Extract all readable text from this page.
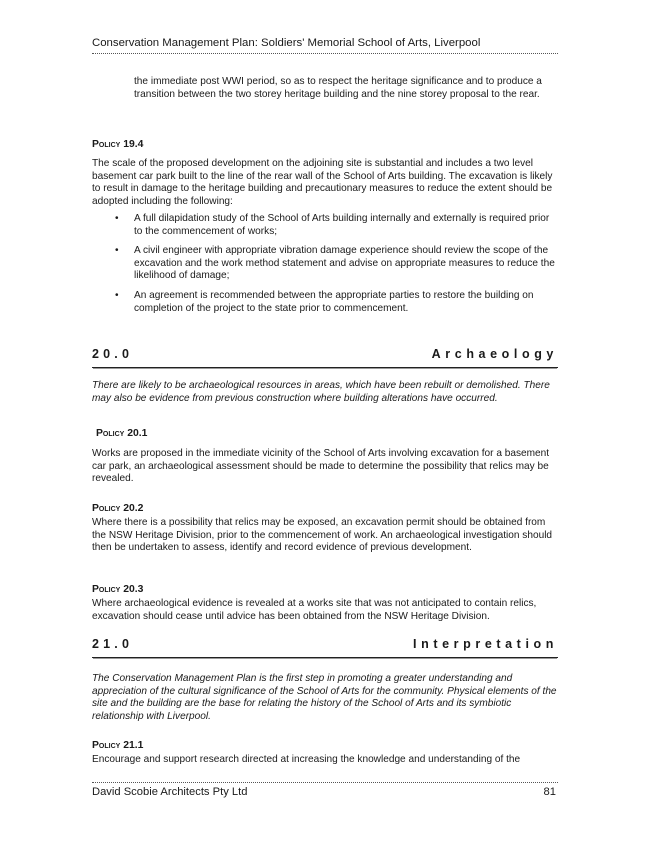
Conservation Management Plan: Soldiers' Memorial School of Arts, Liverpool

the immediate post WWI period, so as to respect the heritage significance and to produce a transition between the two storey heritage building and the nine storey proposal to the rear.

Policy 19.4

The scale of the proposed development on the adjoining site is substantial and includes a two level basement car park built to the line of the rear wall of the School of Arts building. The excavation is likely to result in damage to the heritage building and precautionary measures to reduce the extent should be adopted including the following:

• A full dilapidation study of the School of Arts building internally and externally is required prior to the commencement of works;
• A civil engineer with appropriate vibration damage experience should review the scope of the excavation and the work method statement and advise on appropriate measures to reduce the likelihood of damage;
• An agreement is recommended between the appropriate parties to restore the building on completion of the project to the state prior to commencement.
20.0	Archaeology

There are likely to be archaeological resources in areas, which have been rebuilt or demolished. There may also be evidence from previous construction where building alterations have occurred.

Policy 20.1

Works are proposed in the immediate vicinity of the School of Arts involving excavation for a basement car park, an archaeological assessment should be made to determine the possibility that relics may be revealed.

Policy 20.2

Where there is a possibility that relics may be exposed, an excavation permit should be obtained from the NSW Heritage Division, prior to the commencement of work. An archaeological investigation should then be undertaken to assess, identify and record evidence of previous development.

Policy 20.3

Where archaeological evidence is revealed at a works site that was not anticipated to contain relics, excavation should cease until advice has been obtained from the NSW Heritage Division.

21.0	Interpretation

The Conservation Management Plan is the first step in promoting a greater understanding and appreciation of the cultural significance of the School of Arts for the community. Physical elements of the site and the building are the base for relating the history of the School of Arts and its symbiotic relationship with Liverpool.

Policy 21.1

Encourage and support research directed at increasing the knowledge and understanding of the

David Scobie Architects Pty Ltd	81
